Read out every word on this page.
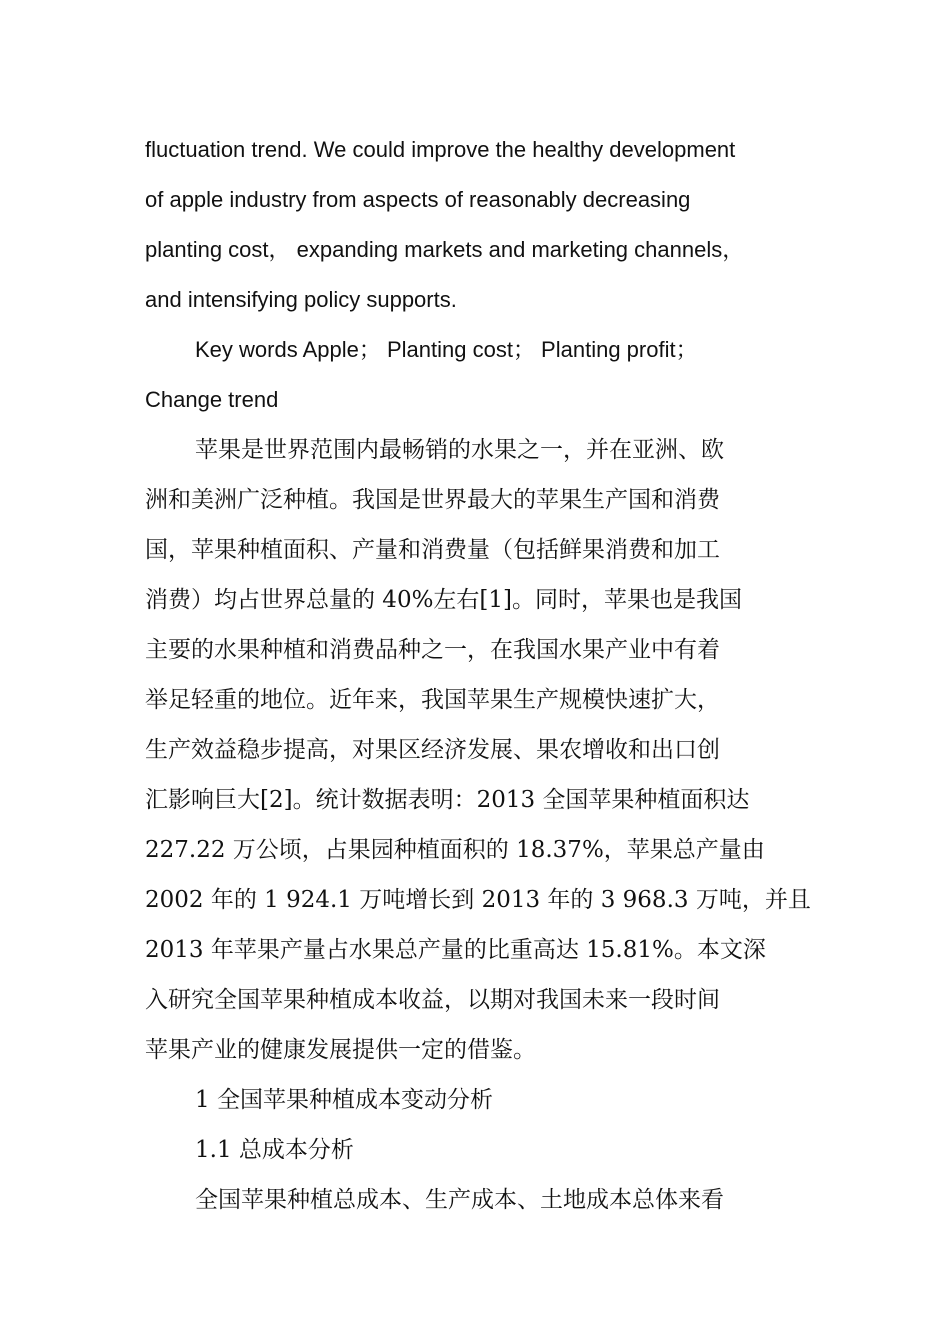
fluctuation trend. We could improve the healthy development
of apple industry from aspects of reasonably decreasing
planting cost， expanding markets and marketing channels，
and intensifying policy supports.
Key words Apple； Planting cost； Planting profit；
Change trend
苹果是世界范围内最畅销的水果之一，并在亚洲、欧
洲和美洲广泛种植。我国是世界最大的苹果生产国和消费
国，苹果种植面积、产量和消费量（包括鲜果消费和加工
消费）均占世界总量的 40%左右[1]。同时，苹果也是我国
主要的水果种植和消费品种之一，在我国水果产业中有着
举足轻重的地位。近年来，我国苹果生产规模快速扩大，
生产效益稳步提高，对果区经济发展、果农增收和出口创
汇影响巨大[2]。统计数据表明：2013 全国苹果种植面积达
227.22 万公顷，占果园种植面积的 18.37%，苹果总产量由
2002 年的 1 924.1 万吨增长到 2013 年的 3 968.3 万吨，并且
2013 年苹果产量占水果总产量的比重高达 15.81%。本文深
入研究全国苹果种植成本收益，以期对我国未来一段时间
苹果产业的健康发展提供一定的借鉴。
1 全国苹果种植成本变动分析
1.1 总成本分析
全国苹果种植总成本、生产成本、土地成本总体来看
